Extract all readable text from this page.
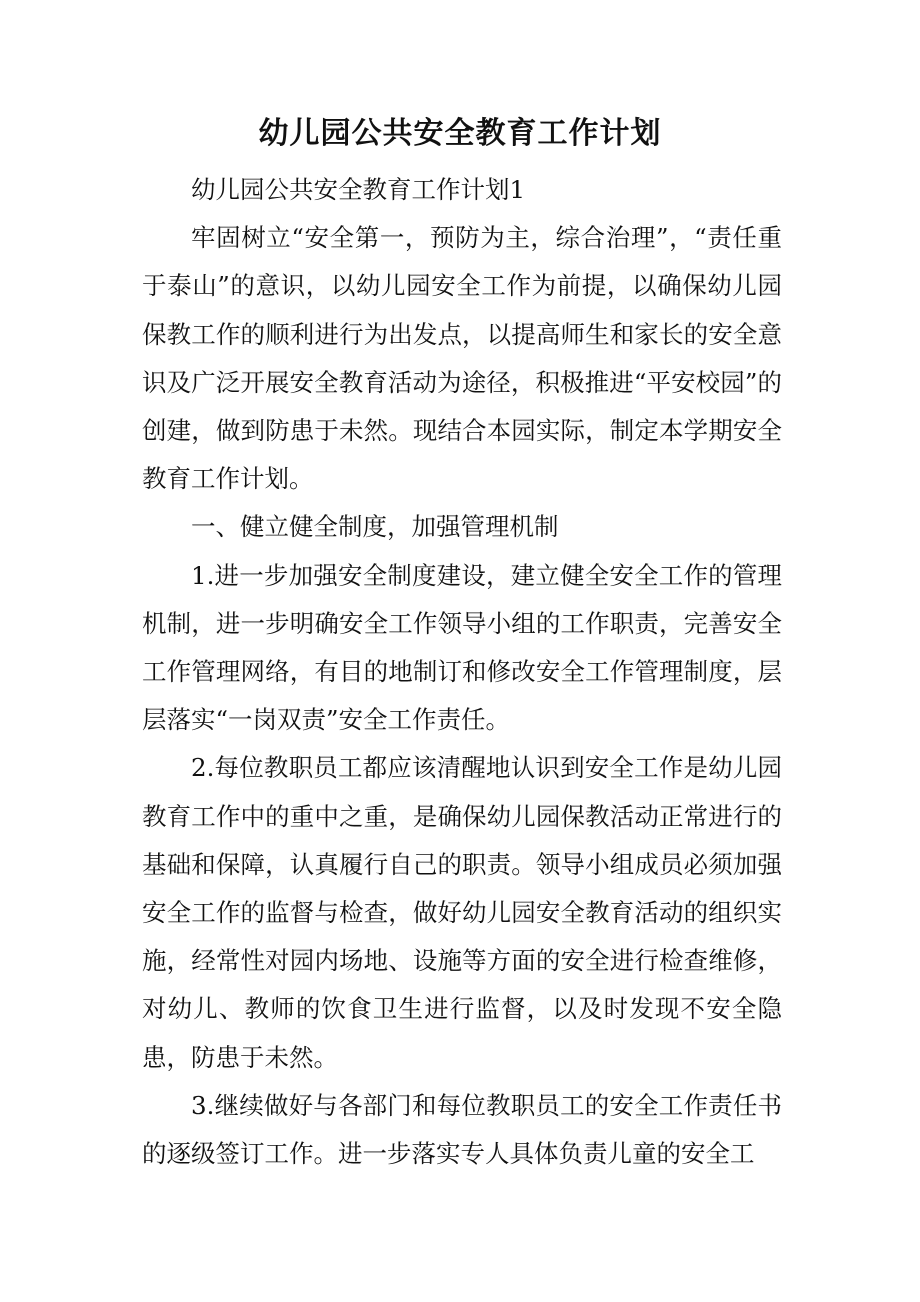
幼儿园公共安全教育工作计划

幼儿园公共安全教育工作计划1

牢固树立“安全第一，预防为主，综合治理”，“责任重于泰山”的意识，以幼儿园安全工作为前提，以确保幼儿园保教工作的顺利进行为出发点，以提高师生和家长的安全意识及广泛开展安全教育活动为途径，积极推进“平安校园”的创建，做到防患于未然。现结合本园实际，制定本学期安全教育工作计划。

一、健立健全制度，加强管理机制

1.进一步加强安全制度建设，建立健全安全工作的管理机制，进一步明确安全工作领导小组的工作职责，完善安全工作管理网络，有目的地制订和修改安全工作管理制度，层层落实“一岗双责”安全工作责任。

2.每位教职员工都应该清醒地认识到安全工作是幼儿园教育工作中的重中之重，是确保幼儿园保教活动正常进行的基础和保障，认真履行自己的职责。领导小组成员必须加强安全工作的监督与检查，做好幼儿园安全教育活动的组织实施，经常性对园内场地、设施等方面的安全进行检查维修，对幼儿、教师的饮食卫生进行监督，以及时发现不安全隐患，防患于未然。

3.继续做好与各部门和每位教职员工的安全工作责任书的逐级签订工作。进一步落实专人具体负责儿童的安全工
